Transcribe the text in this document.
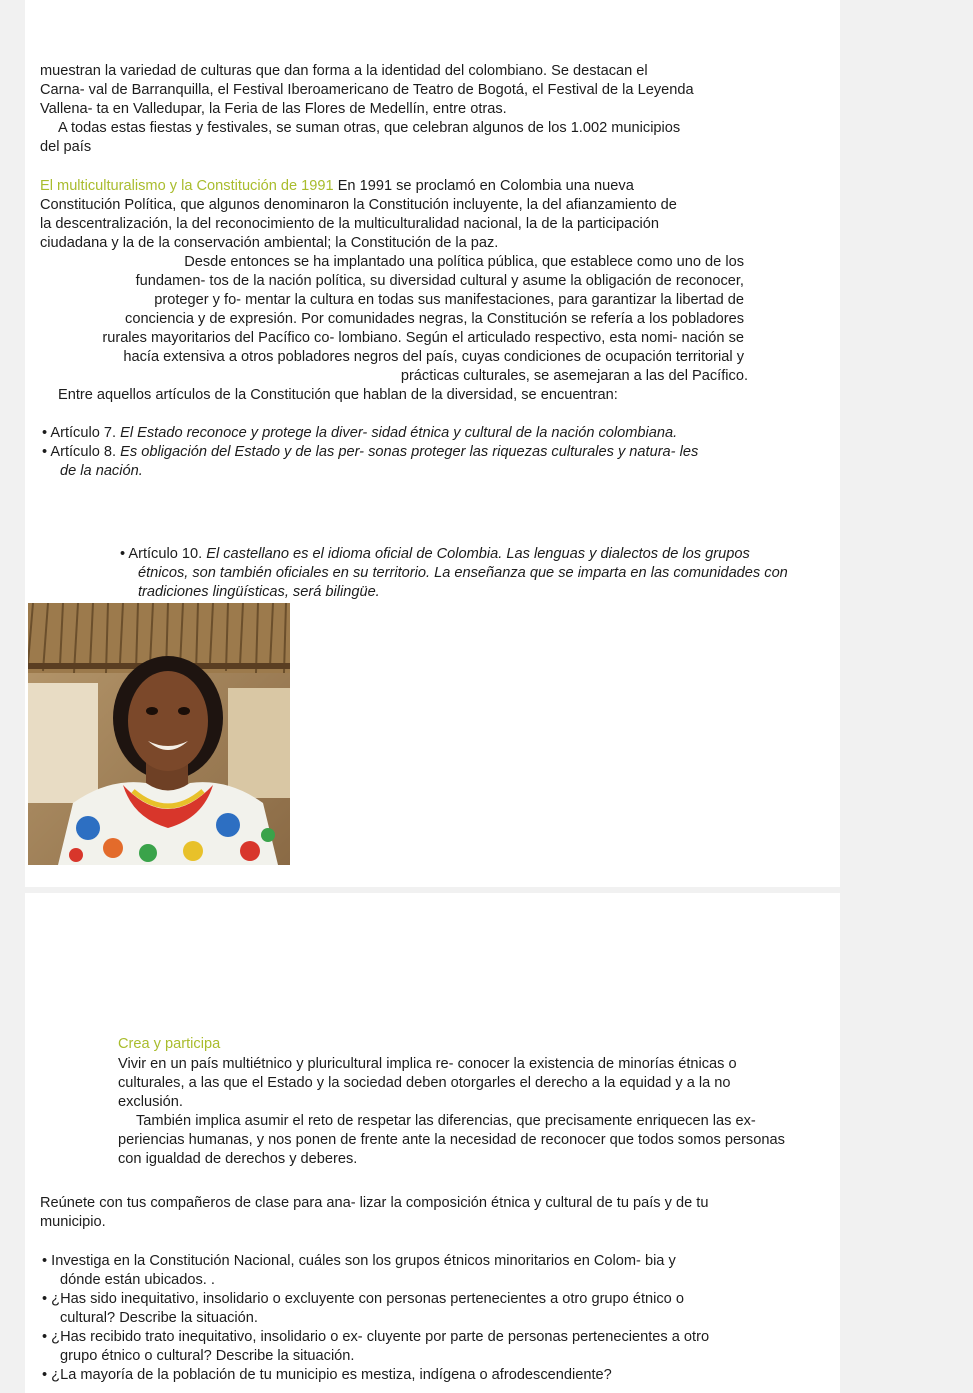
muestran la variedad de culturas que dan forma a la identidad del colombiano. Se destacan el

Carna- val de Barranquilla, el Festival Iberoamericano de Teatro de Bogotá, el Festival de la Leyenda

Vallena- ta en Valledupar, la Feria de las Flores de Medellín, entre otras.

A todas estas fiestas y festivales, se suman otras, que celebran algunos de los 1.002 municipios

del país

El multiculturalismo y la Constitución de 1991 En 1991 se proclamó en Colombia una nueva

Constitución Política, que algunos denominaron la Constitución incluyente, la del afianzamiento de

la descentralización, la del reconocimiento de la multiculturalidad nacional, la de la participación

ciudadana y la de la conservación ambiental; la Constitución de la paz.

Desde entonces se ha implantado una política pública, que establece como uno de los

fundamen- tos de la nación política, su diversidad cultural y asume la obligación de reconocer,

proteger y fo- mentar la cultura en todas sus manifestaciones, para garantizar la libertad de

conciencia y de expresión. Por comunidades negras, la Constitución se refería a los pobladores

rurales mayoritarios del Pacífico co- lombiano. Según el articulado respectivo, esta nomi- nación se

hacía extensiva a otros pobladores negros del país, cuyas condiciones de ocupación territorial y

prácticas culturales, se asemejaran a las del Pacífico.

Entre aquellos artículos de la Constitución que hablan de la diversidad, se encuentran:

• Artículo 7. El Estado reconoce y protege la diver- sidad étnica y cultural de la nación colombiana.

• Artículo 8. Es obligación del Estado y de las per- sonas proteger las riquezas culturales y natura- les

de la nación.

• Artículo 10. El castellano es el idioma oficial de Colombia. Las lenguas y dialectos de los grupos

étnicos, son también oficiales en su territorio. La enseñanza que se imparta en las comunidades con

tradiciones lingüísticas, será bilingüe.

Crea y participa

Vivir en un país multiétnico y pluricultural implica re- conocer la existencia de minorías étnicas o

culturales, a las que el Estado y la sociedad deben otorgarles el derecho a la equidad y a la no

exclusión.

También implica asumir el reto de respetar las diferencias, que precisamente enriquecen las ex-

periencias humanas, y nos ponen de frente ante la necesidad de reconocer que todos somos personas

con igualdad de derechos y deberes.

Reúnete con tus compañeros de clase para ana- lizar la composición étnica y cultural de tu país y de tu

municipio.

• Investiga en la Constitución Nacional, cuáles son los grupos étnicos minoritarios en Colom- bia y

dónde están ubicados. .

• ¿Has sido inequitativo, insolidario o excluyente con personas pertenecientes a otro grupo étnico o

cultural? Describe la situación.

• ¿Has recibido trato inequitativo, insolidario o ex- cluyente por parte de personas pertenecientes a otro

grupo étnico o cultural? Describe la situación.

• ¿La mayoría de la población de tu municipio es mestiza, indígena o afrodescendiente?
